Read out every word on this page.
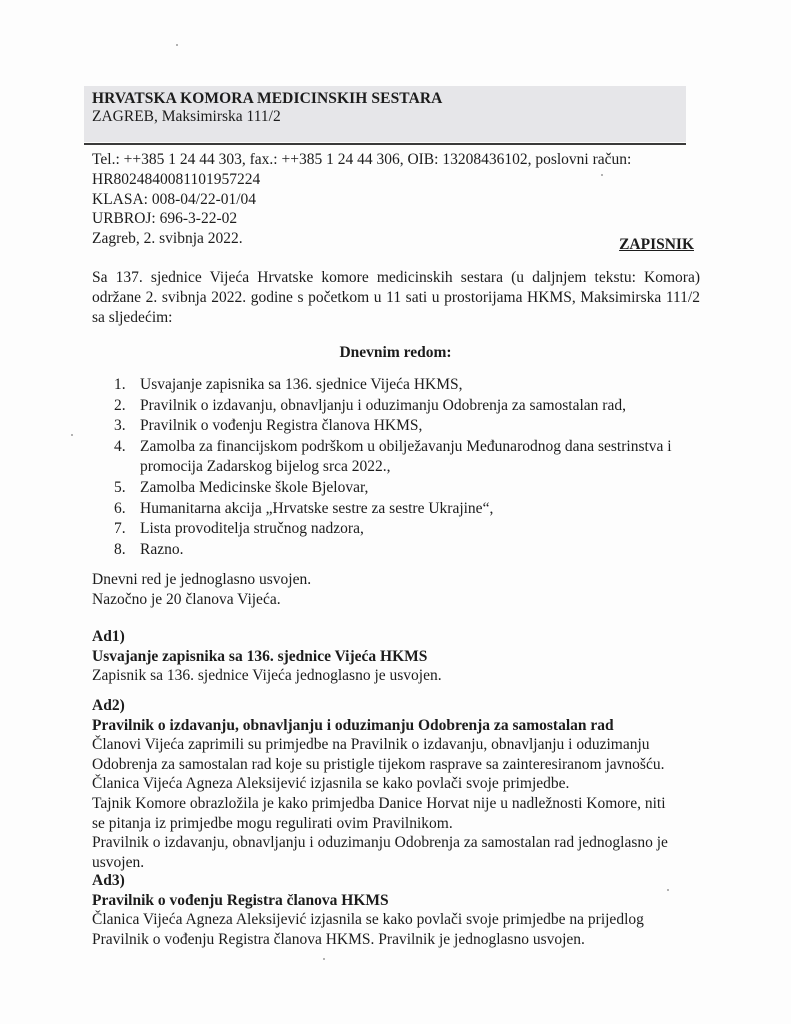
HRVATSKA KOMORA MEDICINSKIH SESTARA
ZAGREB, Maksimirska 111/2
Tel.: ++385 1 24 44 303, fax.: ++385 1 24 44 306, OIB: 13208436102, poslovni račun:
HR8024840081101957224
KLASA: 008-04/22-01/04
URBROJ: 696-3-22-02
Zagreb, 2. svibnja 2022.	ZAPISNIK
Sa 137. sjednice Vijeća Hrvatske komore medicinskih sestara (u daljnjem tekstu: Komora) održane 2. svibnja 2022. godine s početkom u 11 sati u prostorijama HKMS, Maksimirska 111/2 sa sljedećim:
Dnevnim redom:
1. Usvajanje zapisnika sa 136. sjednice Vijeća HKMS,
2. Pravilnik o izdavanju, obnavljanju i oduzimanju Odobrenja za samostalan rad,
3. Pravilnik o vođenju Registra članova HKMS,
4. Zamolba za financijskom podrškom u obilježavanju Međunarodnog dana sestrinstva i promocija Zadarskog bijelog srca 2022.,
5. Zamolba Medicinske škole Bjelovar,
6. Humanitarna akcija „Hrvatske sestre za sestre Ukrajine“,
7. Lista provoditelja stručnog nadzora,
8. Razno.
Dnevni red je jednoglasno usvojen.
Nazočno je 20 članova Vijeća.
Ad1)
Usvajanje zapisnika sa 136. sjednice Vijeća HKMS
Zapisnik sa 136. sjednice Vijeća jednoglasno je usvojen.
Ad2)
Pravilnik o izdavanju, obnavljanju i oduzimanju Odobrenja za samostalan rad
Članovi Vijeća zaprimili su primjedbe na Pravilnik o izdavanju, obnavljanju i oduzimanju
Odobrenja za samostalan rad koje su pristigle tijekom rasprave sa zainteresiranom javnošću.
Članica Vijeća Agneza Aleksijević izjasnila se kako povlači svoje primjedbe.
Tajnik Komore obrazložila je kako primjedba Danice Horvat nije u nadležnosti Komore, niti
se pitanja iz primjedbe mogu regulirati ovim Pravilnikom.
Pravilnik o izdavanju, obnavljanju i oduzimanju Odobrenja za samostalan rad jednoglasno je
usvojen.
Ad3)
Pravilnik o vođenju Registra članova HKMS
Članica Vijeća Agneza Aleksijević izjasnila se kako povlači svoje primjedbe na prijedlog
Pravilnik o vođenju Registra članova HKMS. Pravilnik je jednoglasno usvojen.
